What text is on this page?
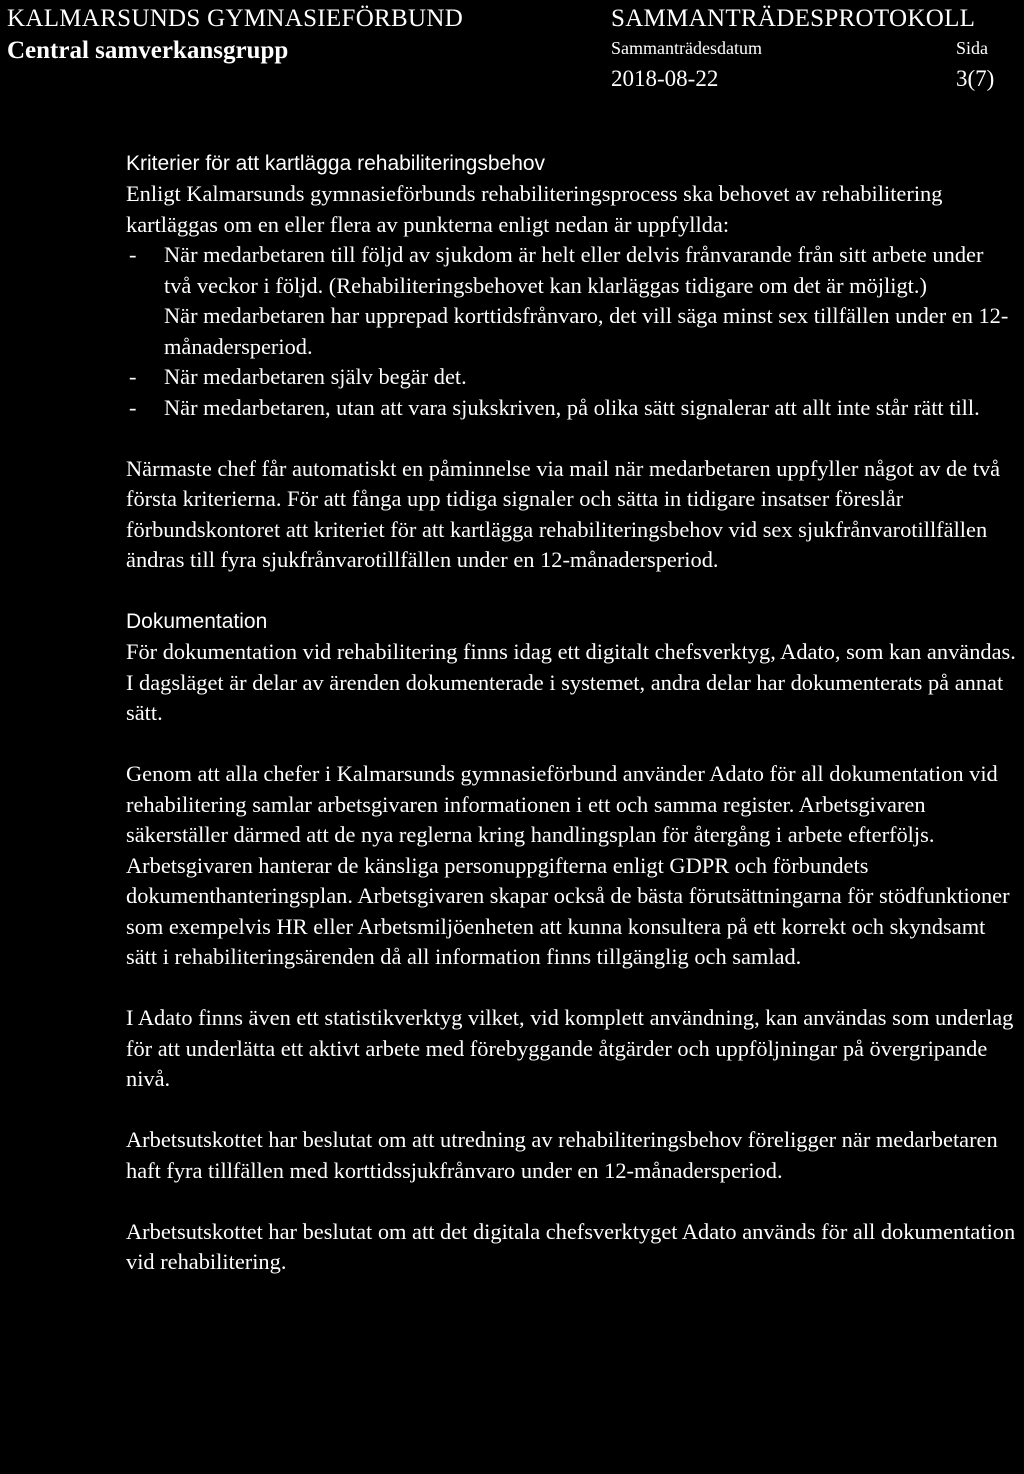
KALMARSUNDS GYMNASIEFÖRBUND
Central samverkansgrupp
SAMMANTRÄDESPROTOKOLL
Sammanträdesdatum	Sida
2018-08-22	3(7)
Kriterier för att kartlägga rehabiliteringsbehov

Enligt Kalmarsunds gymnasieförbunds rehabiliteringsprocess ska behovet av rehabilitering kartläggas om en eller flera av punkterna enligt nedan är uppfyllda:

- När medarbetaren till följd av sjukdom är helt eller delvis frånvarande från sitt arbete under två veckor i följd. (Rehabiliteringsbehovet kan klarläggas tidigare om det är möjligt.)
När medarbetaren har upprepad korttidsfrånvaro, det vill säga minst sex tillfällen under en 12-månadersperiod.
- När medarbetaren själv begär det.
- När medarbetaren, utan att vara sjukskriven, på olika sätt signalerar att allt inte står rätt till.

Närmaste chef får automatiskt en påminnelse via mail när medarbetaren uppfyller något av de två första kriterierna. För att fånga upp tidiga signaler och sätta in tidigare insatser föreslår förbundskontoret att kriteriet för att kartlägga rehabiliteringsbehov vid sex sjukfrånvarotillfällen ändras till fyra sjukfrånvarotillfällen under en 12-månadersperiod.

Dokumentation

För dokumentation vid rehabilitering finns idag ett digitalt chefsverktyg, Adato, som kan användas. I dagsläget är delar av ärenden dokumenterade i systemet, andra delar har dokumenterats på annat sätt.

Genom att alla chefer i Kalmarsunds gymnasieförbund använder Adato för all dokumentation vid rehabilitering samlar arbetsgivaren informationen i ett och samma register. Arbetsgivaren säkerställer därmed att de nya reglerna kring handlingsplan för återgång i arbete efterföljs. Arbetsgivaren hanterar de känsliga personuppgifterna enligt GDPR och förbundets dokumenthanteringsplan. Arbetsgivaren skapar också de bästa förutsättningarna för stödfunktioner som exempelvis HR eller Arbetsmiljöenheten att kunna konsultera på ett korrekt och skyndsamt sätt i rehabiliteringsärenden då all information finns tillgänglig och samlad.

I Adato finns även ett statistikverktyg vilket, vid komplett användning, kan användas som underlag för att underlätta ett aktivt arbete med förebyggande åtgärder och uppföljningar på övergripande nivå.

Arbetsutskottet har beslutat om att utredning av rehabiliteringsbehov föreligger när medarbetaren haft fyra tillfällen med korttidssjukfrånvaro under en 12-månadersperiod.

Arbetsutskottet har beslutat om att det digitala chefsverktyget Adato används för all dokumentation vid rehabilitering.
